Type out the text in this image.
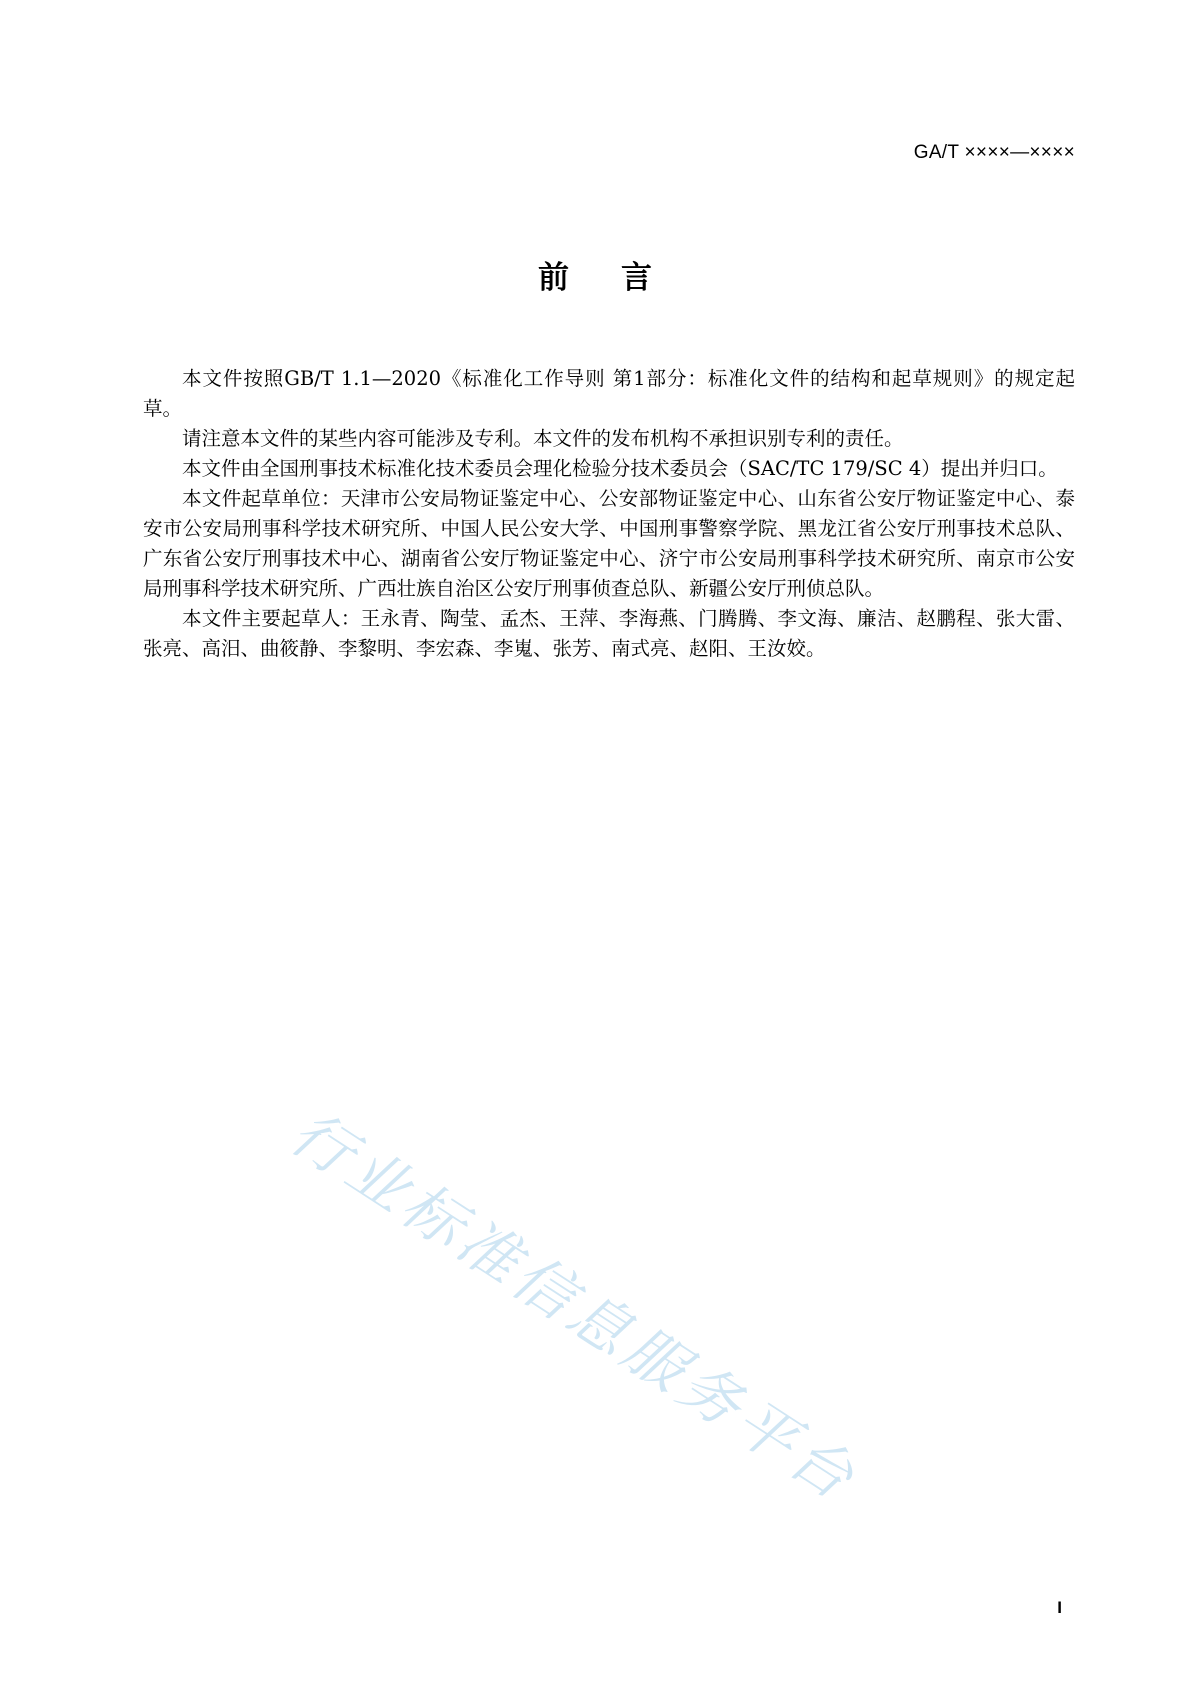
GA/T ××××—××××
前言

本文件按照GB/T 1.1—2020《标准化工作导则 第1部分：标准化文件的结构和起草规则》的规定起草。

请注意本文件的某些内容可能涉及专利。本文件的发布机构不承担识别专利的责任。

本文件由全国刑事技术标准化技术委员会理化检验分技术委员会（SAC/TC 179/SC 4）提出并归口。

本文件起草单位：天津市公安局物证鉴定中心、公安部物证鉴定中心、山东省公安厅物证鉴定中心、泰安市公安局刑事科学技术研究所、中国人民公安大学、中国刑事警察学院、黑龙江省公安厅刑事技术总队、广东省公安厅刑事技术中心、湖南省公安厅物证鉴定中心、济宁市公安局刑事科学技术研究所、南京市公安局刑事科学技术研究所、广西壮族自治区公安厅刑事侦查总队、新疆公安厅刑侦总队。

本文件主要起草人：王永青、陶莹、孟杰、王萍、李海燕、门腾腾、李文海、廉洁、赵鹏程、张大雷、张亮、高汨、曲筱静、李黎明、李宏森、李嵬、张芳、南式亮、赵阳、王汝姣。

行业标准信息服务平台
I
